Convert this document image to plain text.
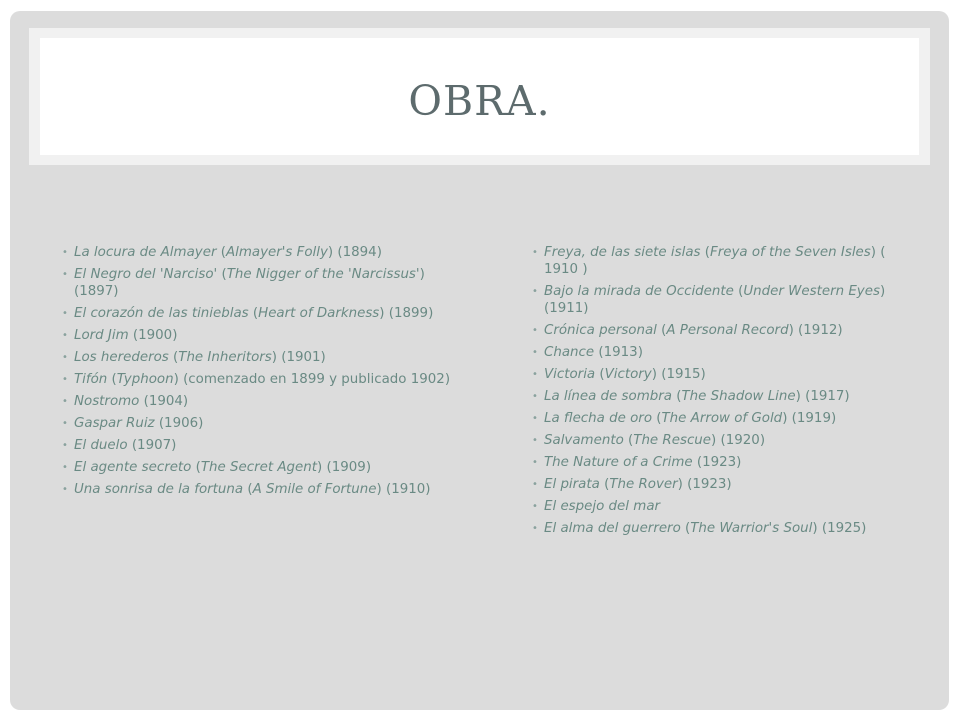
OBRA.
• La locura de Almayer (Almayer's Folly) (1894)
• El Negro del 'Narciso' (The Nigger of the 'Narcissus') (1897)
• El corazón de las tinieblas (Heart of Darkness) (1899)
• Lord Jim (1900)
• Los herederos (The Inheritors) (1901)
• Tifón (Typhoon) (comenzado en 1899 y publicado 1902)
• Nostromo (1904)
• Gaspar Ruiz (1906)
• El duelo (1907)
• El agente secreto (The Secret Agent) (1909)
• Una sonrisa de la fortuna (A Smile of Fortune) (1910)
• Freya, de las siete islas (Freya of the Seven Isles) ( 1910 )
• Bajo la mirada de Occidente (Under Western Eyes) (1911)
• Crónica personal (A Personal Record) (1912)
• Chance (1913)
• Victoria (Victory) (1915)
• La línea de sombra (The Shadow Line) (1917)
• La flecha de oro (The Arrow of Gold) (1919)
• Salvamento (The Rescue) (1920)
• The Nature of a Crime (1923)
• El pirata (The Rover) (1923)
• El espejo del mar
• El alma del guerrero (The Warrior's Soul) (1925)
